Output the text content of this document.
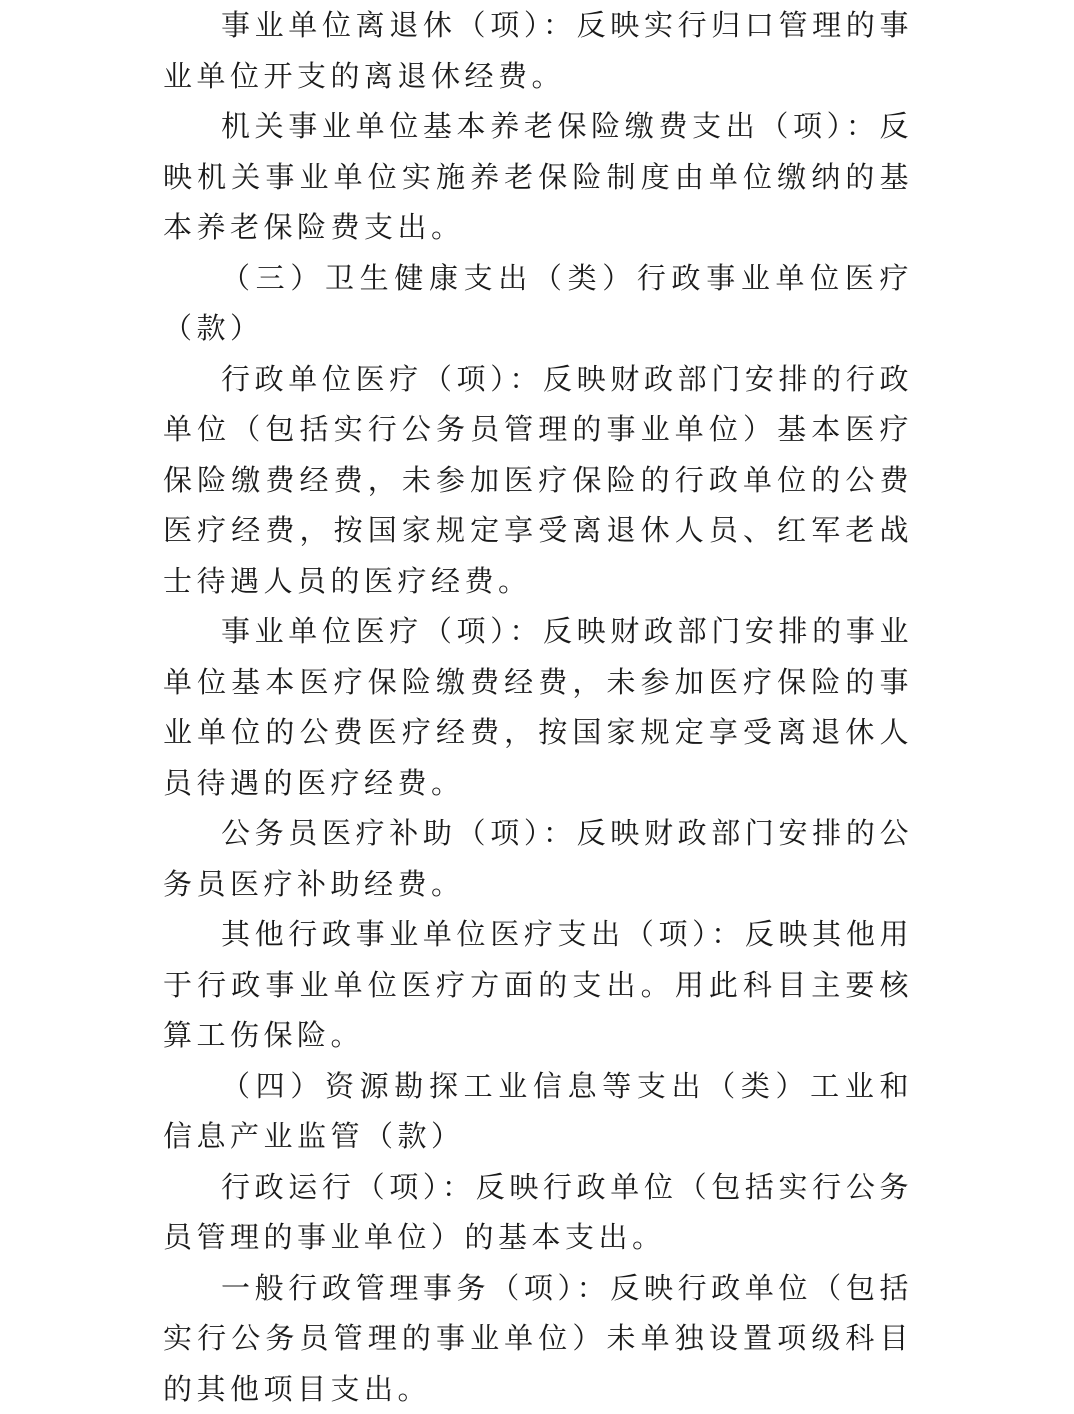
事业单位离退休（项）：反映实行归口管理的事业单位开支的离退休经费。

机关事业单位基本养老保险缴费支出（项）：反映机关事业单位实施养老保险制度由单位缴纳的基本养老保险费支出。

（三）卫生健康支出（类）行政事业单位医疗（款）

行政单位医疗（项）：反映财政部门安排的行政单位（包括实行公务员管理的事业单位）基本医疗保险缴费经费，未参加医疗保险的行政单位的公费医疗经费，按国家规定享受离退休人员、红军老战士待遇人员的医疗经费。

事业单位医疗（项）：反映财政部门安排的事业单位基本医疗保险缴费经费，未参加医疗保险的事业单位的公费医疗经费，按国家规定享受离退休人员待遇的医疗经费。

公务员医疗补助（项）：反映财政部门安排的公务员医疗补助经费。

其他行政事业单位医疗支出（项）：反映其他用于行政事业单位医疗方面的支出。用此科目主要核算工伤保险。

（四）资源勘探工业信息等支出（类）工业和信息产业监管（款）

行政运行（项）：反映行政单位（包括实行公务员管理的事业单位）的基本支出。

一般行政管理事务（项）：反映行政单位（包括实行公务员管理的事业单位）未单独设置项级科目的其他项目支出。
